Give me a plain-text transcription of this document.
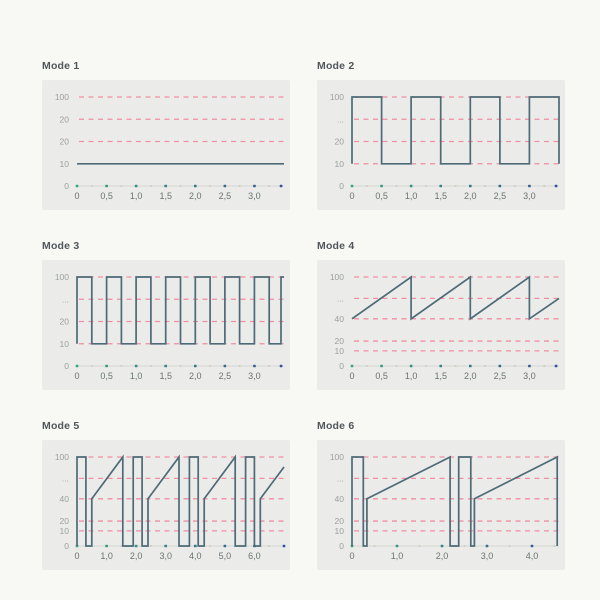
Mode 1
100
20
20
10
0
0 0,5 1,0 1,5 2,0 2,5 3,0
Mode 2
100
...
20
10
0
0 0,5 1,0 1,5 2,0 2,5 3,0
Mode 3
100
...
20
10
0
0 0,5 1,0 1,5 2,0 2,5 3,0
Mode 4
100
...
40
20
10
0
0 0,5 1,0 1,5 2,0 2,5 3,0
Mode 5
100
...
40
20
10
0
0 1,0 2,0 3,0 4,0 5,0 6,0
Mode 6
100
...
40
20
10
0
0	1,0	2,0	3,0	4,0
